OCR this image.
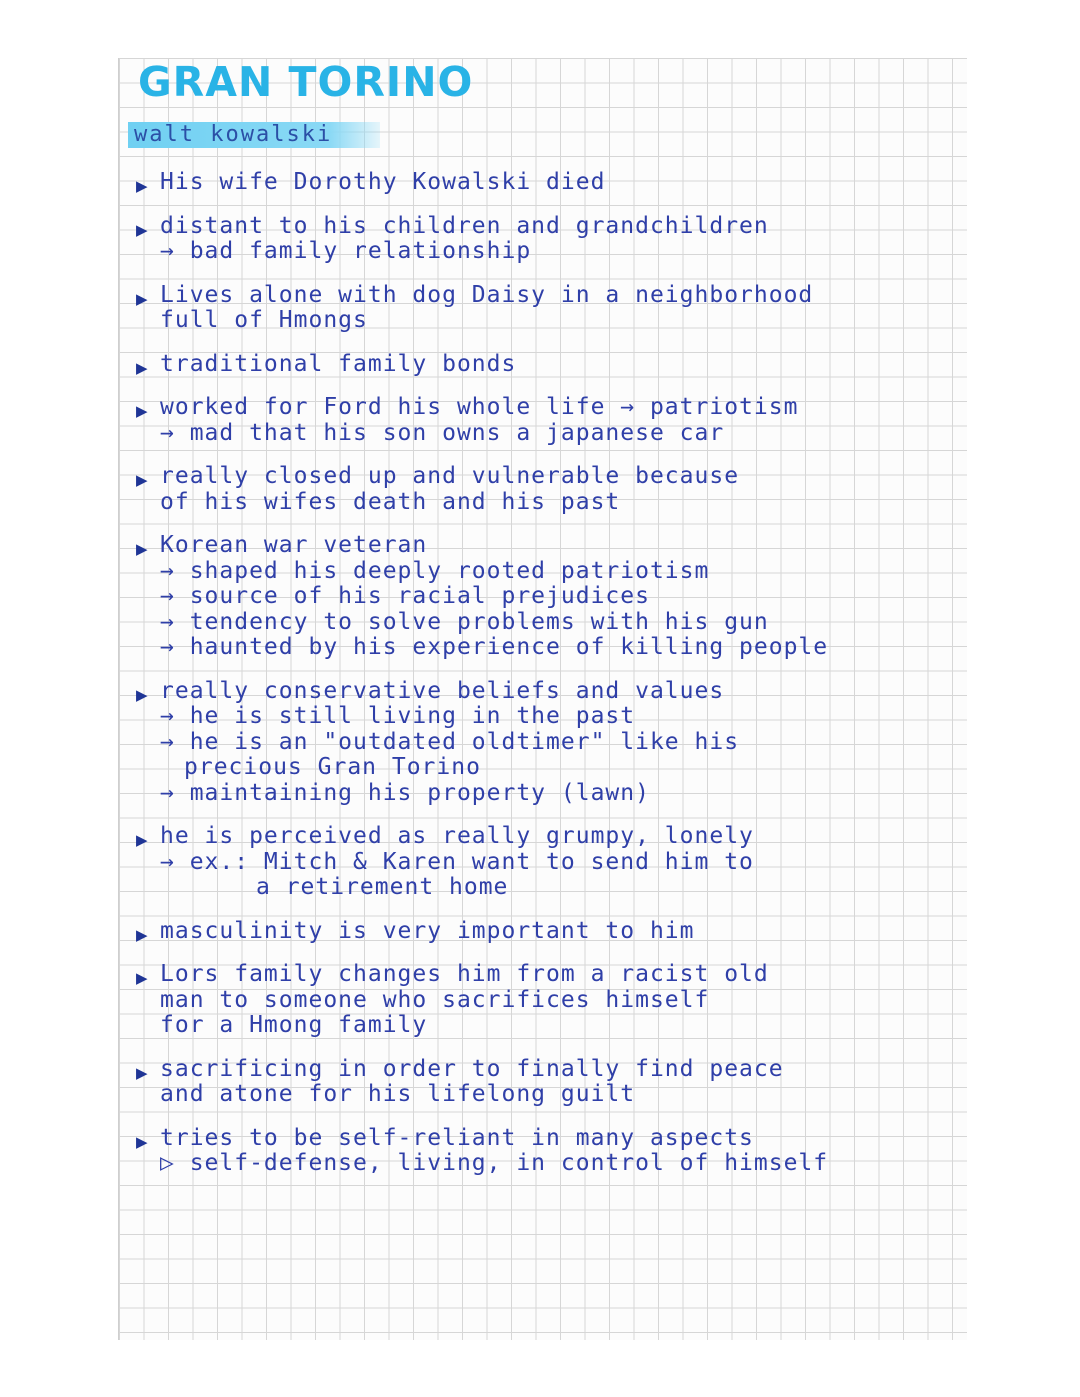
GRAN TORINO
walt kowalski
▶ His wife Dorothy Kowalski died
▶ distant to his children and grandchildren
→ bad family relationship
▶ Lives alone with dog Daisy in a neighborhood
full of Hmongs
▶ traditional family bonds
▶ worked for Ford his whole life → patriotism
→ mad that his son owns a japanese car
▶ really closed up and vulnerable because
of his wifes death and his past
▶ Korean war veteran
→ shaped his deeply rooted patriotism
→ source of his racial prejudices
→ tendency to solve problems with his gun
→ haunted by his experience of killing people
▶ really conservative beliefs and values
→ he is still living in the past
→ he is an "outdated oldtimer" like his
precious Gran Torino
→ maintaining his property (lawn)
▶ he is perceived as really grumpy, lonely
→ ex.: Mitch & Karen want to send him to
a retirement home
▶ masculinity is very important to him
▶ Lors family changes him from a racist old
man to someone who sacrifices himself
for a Hmong family
▶ sacrificing in order to finally find peace
and atone for his lifelong guilt
▶ tries to be self-reliant in many aspects
▷ self-defense, living, in control of himself
